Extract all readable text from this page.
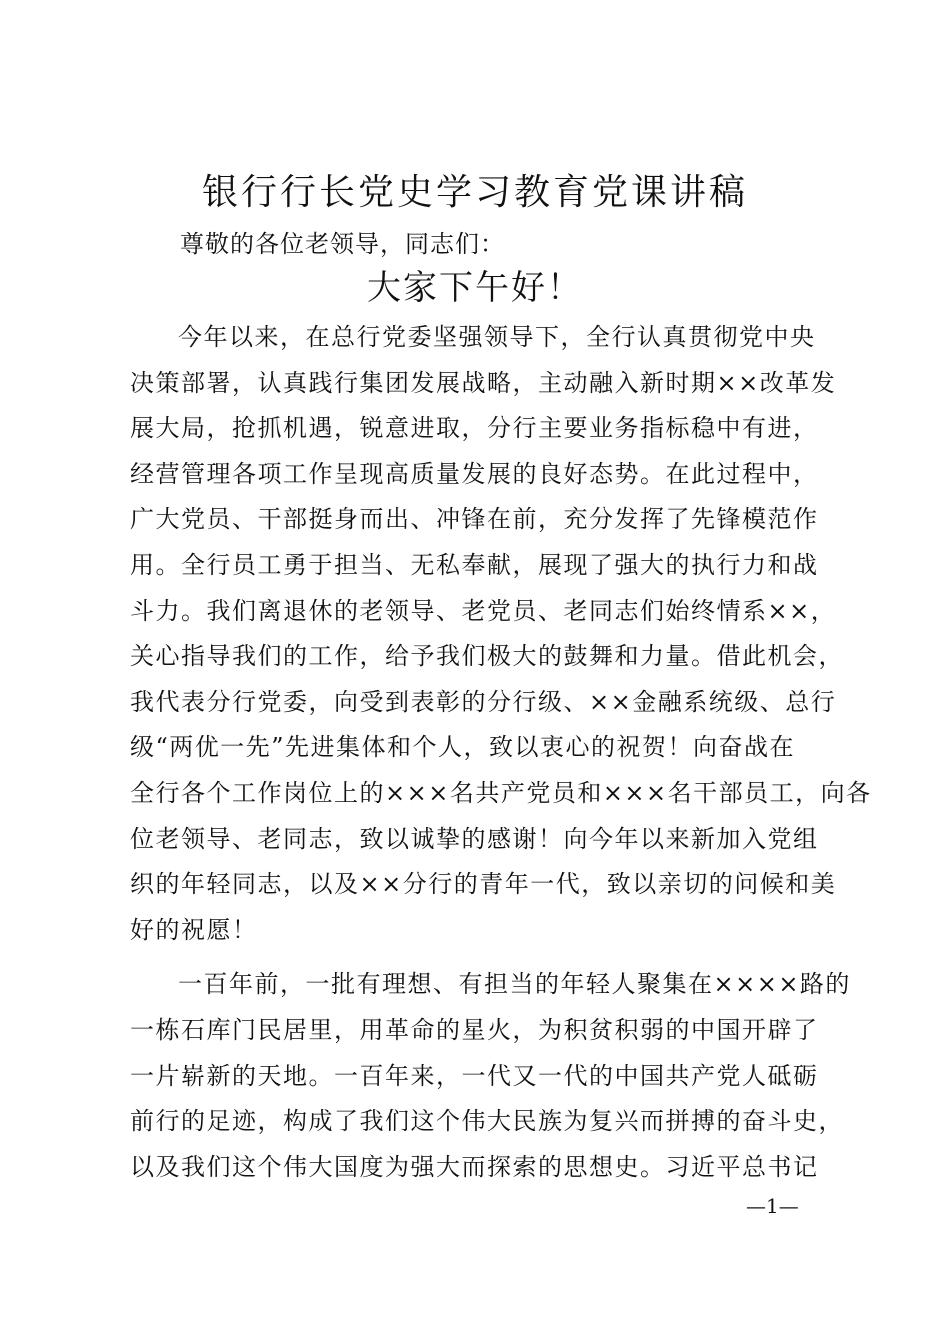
银行行长党史学习教育党课讲稿
尊敬的各位老领导，同志们：
大家下午好！

今年以来，在总行党委坚强领导下，全行认真贯彻党中央
决策部署，认真践行集团发展战略，主动融入新时期××改革发
展大局，抢抓机遇，锐意进取，分行主要业务指标稳中有进，
经营管理各项工作呈现高质量发展的良好态势。在此过程中，
广大党员、干部挺身而出、冲锋在前，充分发挥了先锋模范作
用。全行员工勇于担当、无私奉献，展现了强大的执行力和战
斗力。我们离退休的老领导、老党员、老同志们始终情系××，
关心指导我们的工作，给予我们极大的鼓舞和力量。借此机会，
我代表分行党委，向受到表彰的分行级、××金融系统级、总行
级“两优一先”先进集体和个人，致以衷心的祝贺！向奋战在
全行各个工作岗位上的×××名共产党员和×××名干部员工，向各
位老领导、老同志，致以诚挚的感谢！向今年以来新加入党组
织的年轻同志，以及××分行的青年一代，致以亲切的问候和美
好的祝愿！

一百年前，一批有理想、有担当的年轻人聚集在××××路的
一栋石库门民居里，用革命的星火，为积贫积弱的中国开辟了
一片崭新的天地。一百年来，一代又一代的中国共产党人砥砺
前行的足迹，构成了我们这个伟大民族为复兴而拼搏的奋斗史，
以及我们这个伟大国度为强大而探索的思想史。习近平总书记

—1—
